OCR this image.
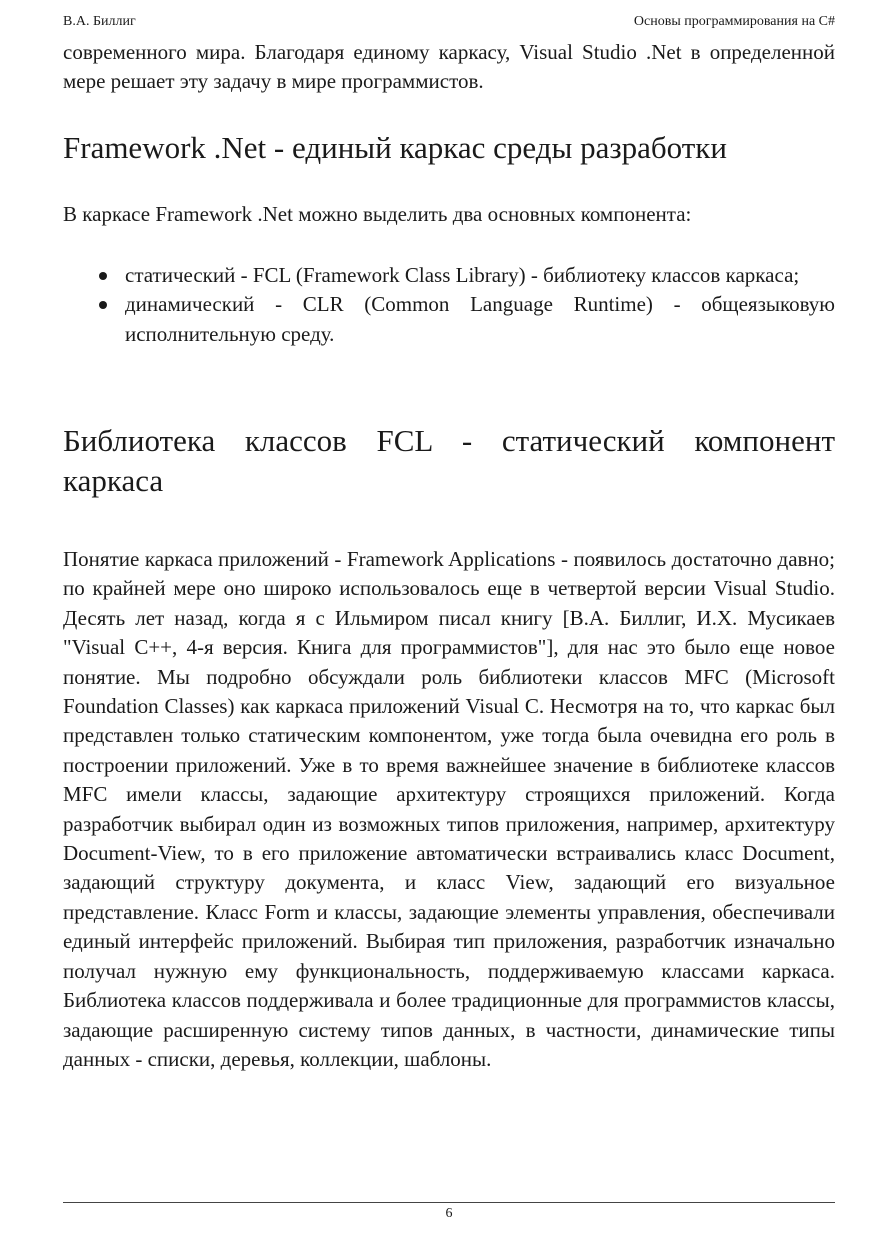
В.А. Биллиг	Основы программирования на C#

современного мира. Благодаря единому каркасу, Visual Studio .Net в определенной мере решает эту задачу в мире программистов.

Framework .Net - единый каркас среды разработки

В каркасе Framework .Net можно выделить два основных компонента:

статический - FCL (Framework Class Library) - библиотеку классов каркаса;
динамический - CLR (Common Language Runtime) - общеязыковую исполнительную среду.
Библиотека классов FCL - статический компонент
каркаса

Понятие каркаса приложений - Framework Applications - появилось достаточно давно; по крайней мере оно широко использовалось еще в четвертой версии Visual Studio. Десять лет назад, когда я с Ильмиром писал книгу [В.А. Биллиг, И.Х. Мусикаев "Visual C++, 4-я версия. Книга для программистов"], для нас это было еще новое понятие. Мы подробно обсуждали роль библиотеки классов MFC (Microsoft Foundation Classes) как каркаса приложений Visual C. Несмотря на то, что каркас был представлен только статическим компонентом, уже тогда была очевидна его роль в построении приложений. Уже в то время важнейшее значение в библиотеке классов MFC имели классы, задающие архитектуру строящихся приложений. Когда разработчик выбирал один из возможных типов приложения, например, архитектуру Document-View, то в его приложение автоматически встраивались класс Document, задающий структуру документа, и класс View, задающий его визуальное представление. Класс Form и классы, задающие элементы управления, обеспечивали единый интерфейс приложений. Выбирая тип приложения, разработчик изначально получал нужную ему функциональность, поддерживаемую классами каркаса. Библиотека классов поддерживала и более традиционные для программистов классы, задающие расширенную систему типов данных, в частности, динамические типы данных - списки, деревья, коллекции, шаблоны.

6
